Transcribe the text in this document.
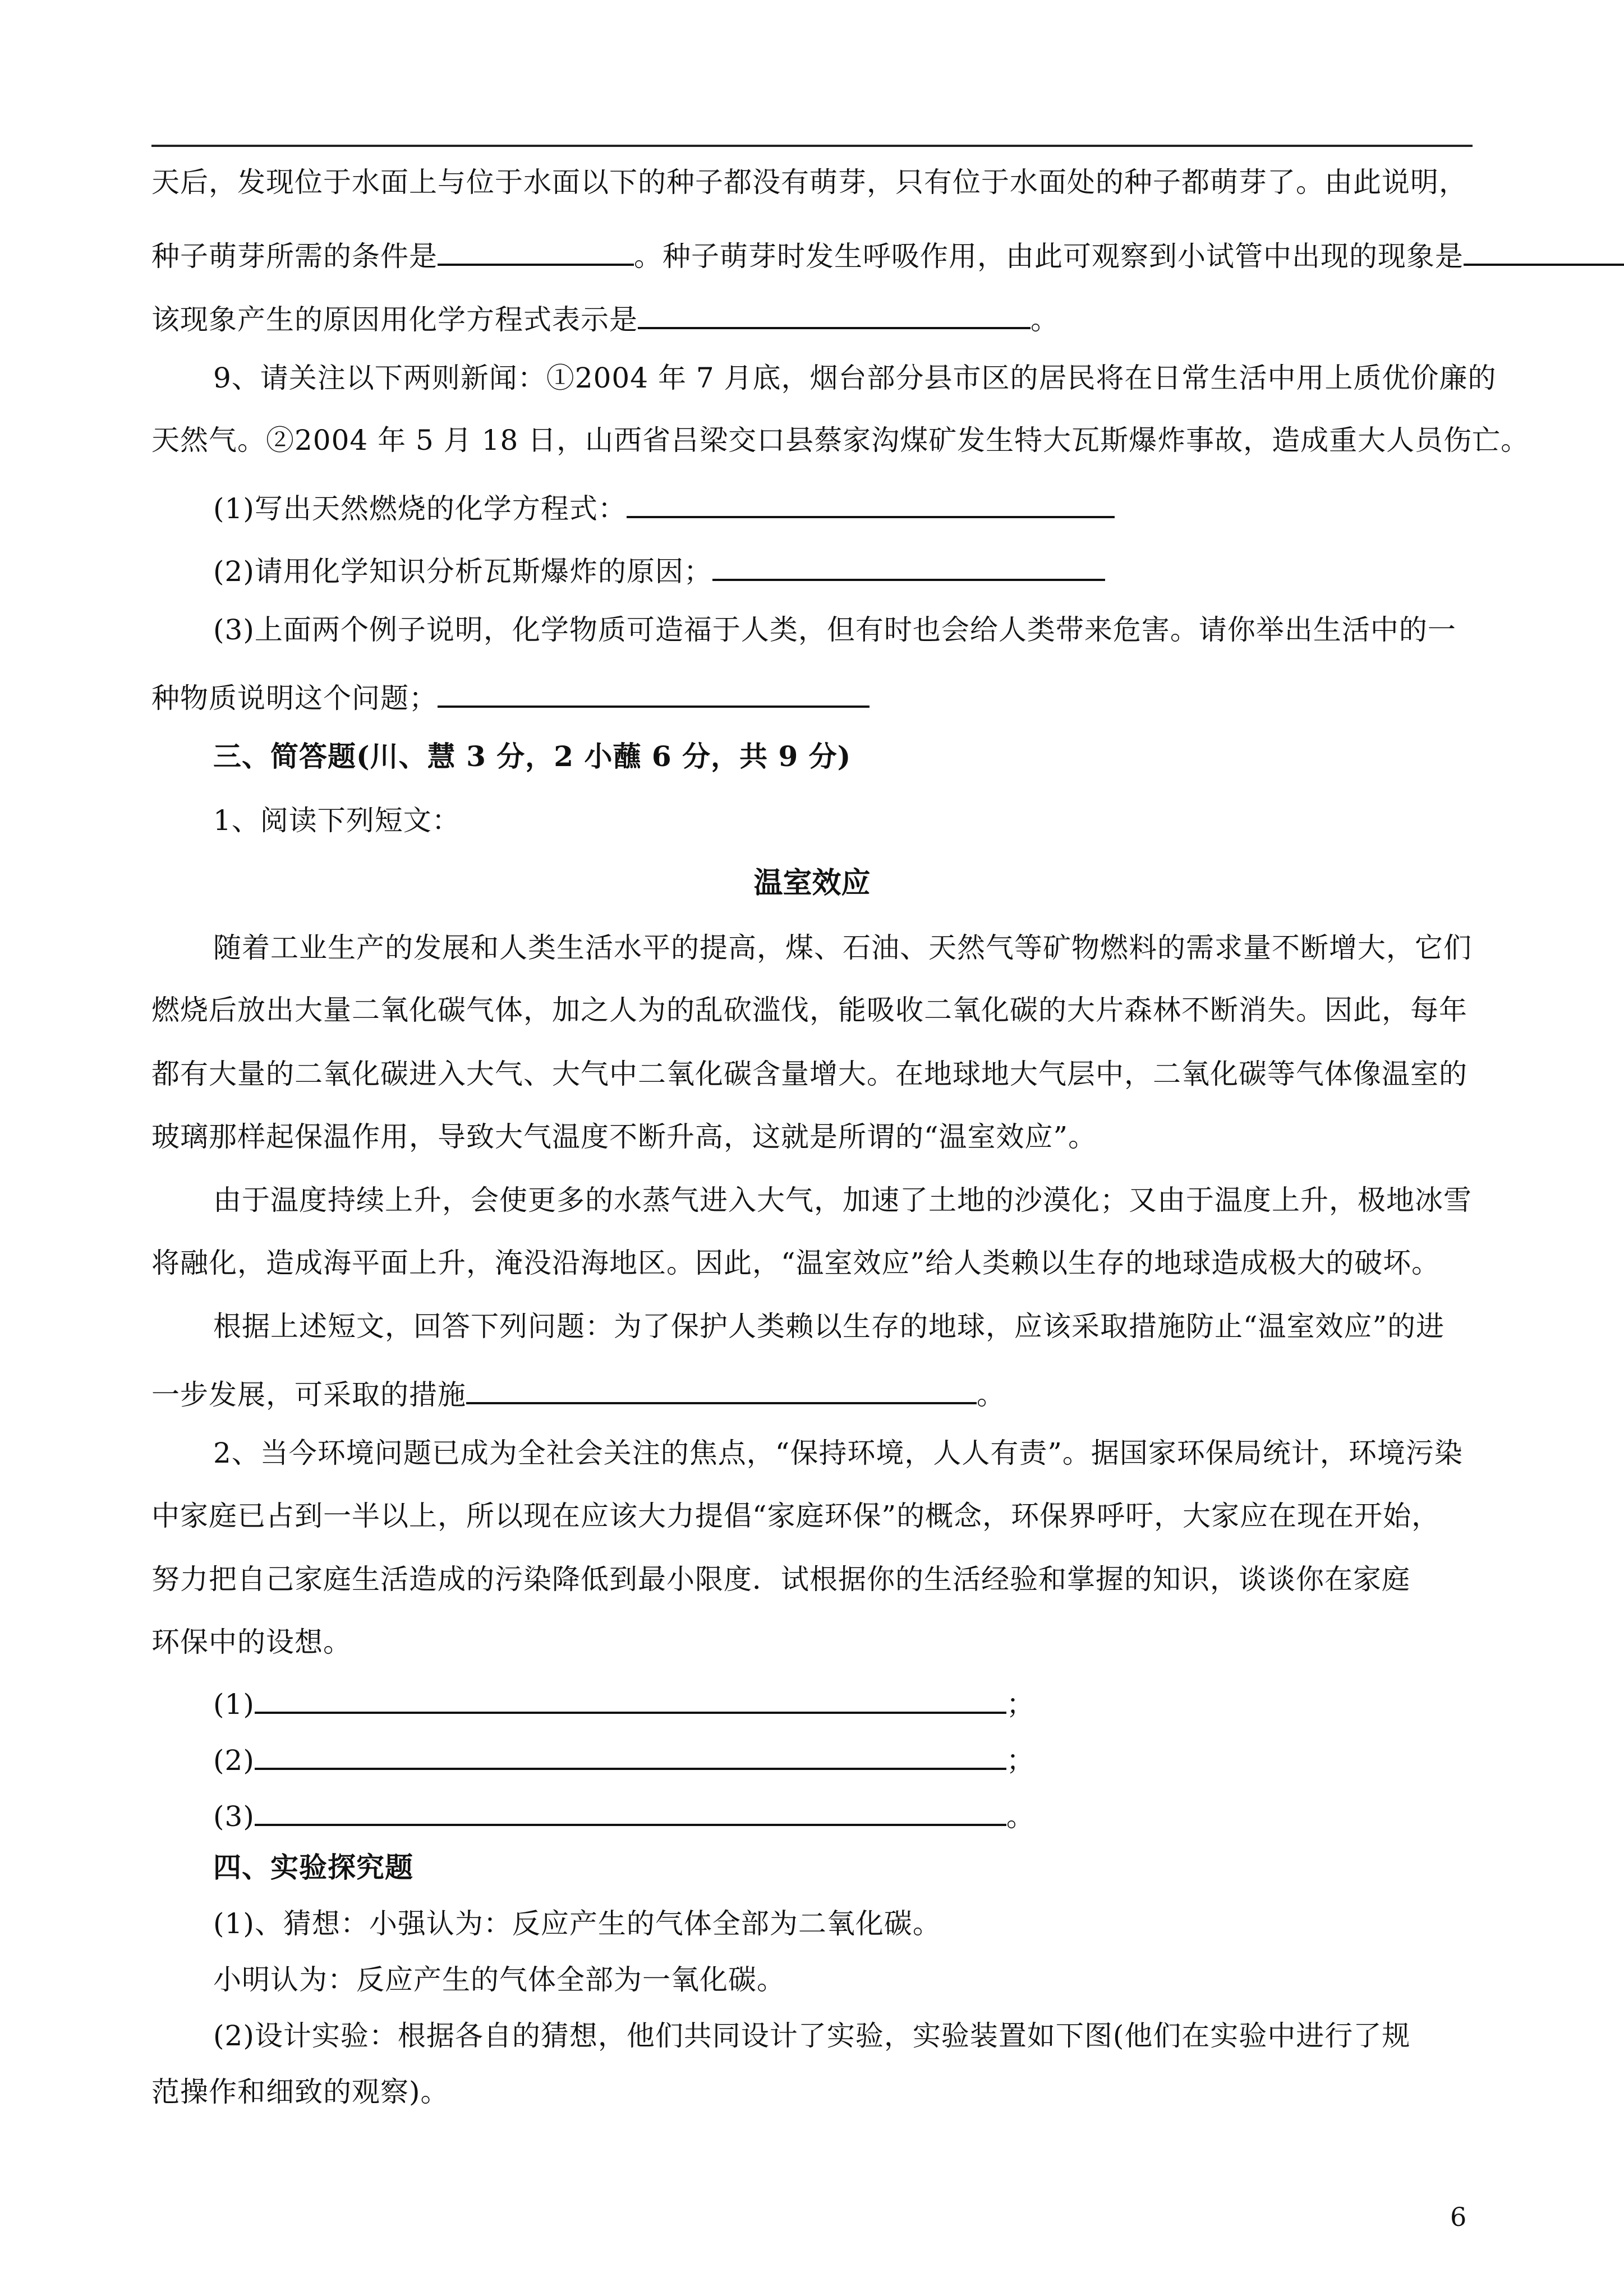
天后，发现位于水面上与位于水面以下的种子都没有萌芽，只有位于水面处的种子都萌芽了。由此说明，
种子萌芽所需的条件是	。种子萌芽时发生呼吸作用，由此可观察到小试管中出现的现象是
该现象产生的原因用化学方程式表示是	。
9、请关注以下两则新闻：①2004 年 7 月底，烟台部分县市区的居民将在日常生活中用上质优价廉的
天然气。②2004 年 5 月 18 日，山西省吕梁交口县蔡家沟煤矿发生特大瓦斯爆炸事故，造成重大人员伤亡。
(1)写出天然燃烧的化学方程式：
(2)请用化学知识分析瓦斯爆炸的原因；
(3)上面两个例子说明，化学物质可造福于人类，但有时也会给人类带来危害。请你举出生活中的一
种物质说明这个问题；
三、简答题(川、慧 3 分，2 小蘸 6 分，共 9 分)
1、阅读下列短文：
温室效应
随着工业生产的发展和人类生活水平的提高，煤、石油、天然气等矿物燃料的需求量不断增大，它们
燃烧后放出大量二氧化碳气体，加之人为的乱砍滥伐，能吸收二氧化碳的大片森林不断消失。因此，每年
都有大量的二氧化碳进入大气、大气中二氧化碳含量增大。在地球地大气层中，二氧化碳等气体像温室的
玻璃那样起保温作用，导致大气温度不断升高，这就是所谓的“温室效应”。
由于温度持续上升，会使更多的水蒸气进入大气，加速了土地的沙漠化；又由于温度上升，极地冰雪
将融化，造成海平面上升，淹没沿海地区。因此，“温室效应”给人类赖以生存的地球造成极大的破坏。
根据上述短文，回答下列问题：为了保护人类赖以生存的地球，应该采取措施防止“温室效应”的进
一步发展，可采取的措施	。
2、当今环境问题已成为全社会关注的焦点，“保持环境，人人有责”。据国家环保局统计，环境污染
中家庭已占到一半以上，所以现在应该大力提倡“家庭环保”的概念，环保界呼吁，大家应在现在开始，
努力把自己家庭生活造成的污染降低到最小限度．试根据你的生活经验和掌握的知识，谈谈你在家庭
环保中的设想。
(1)	；
(2)	；
(3)	。
四、实验探究题
(1)、猜想：小强认为：反应产生的气体全部为二氧化碳。
小明认为：反应产生的气体全部为一氧化碳。
(2)设计实验：根据各自的猜想，他们共同设计了实验，实验装置如下图(他们在实验中进行了规
范操作和细致的观察)。
6
